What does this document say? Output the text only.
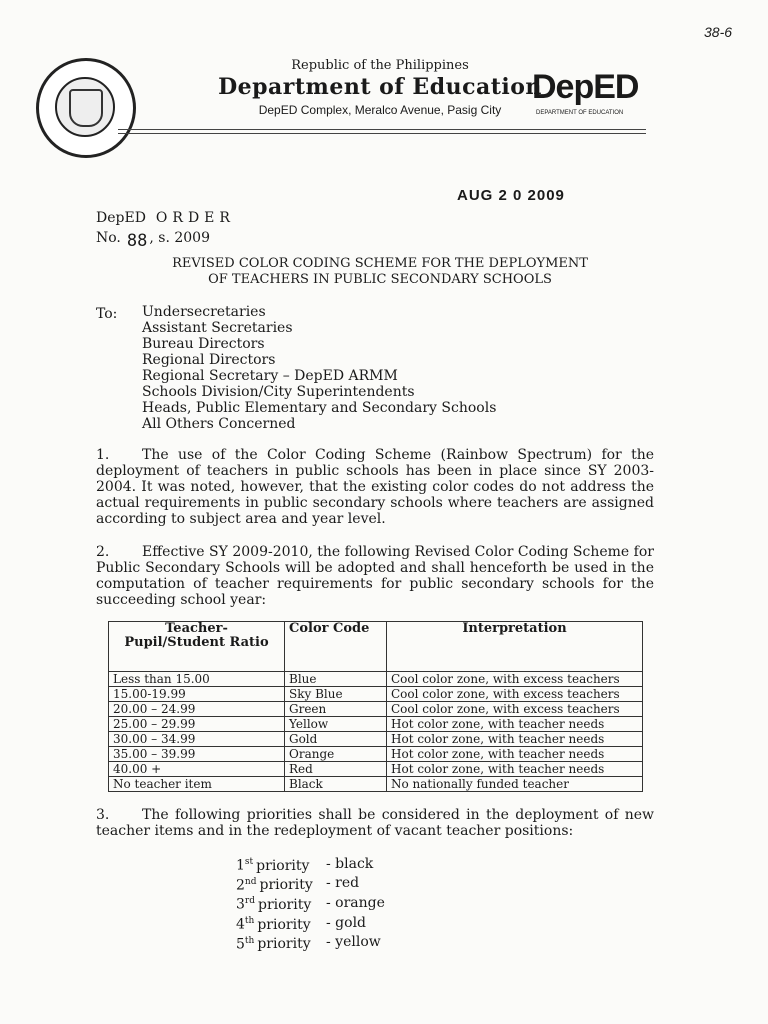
38-6
Republic of the Philippines
Department of Education
DepED Complex, Meralco Avenue, Pasig City
DepED
DEPARTMENT OF EDUCATION
AUG 2 0 2009
DepED ORDER
No. 88 , s. 2009
REVISED COLOR CODING SCHEME FOR THE DEPLOYMENT
OF TEACHERS IN PUBLIC SECONDARY SCHOOLS
To: Undersecretaries
Assistant Secretaries
Bureau Directors
Regional Directors
Regional Secretary – DepED ARMM
Schools Division/City Superintendents
Heads, Public Elementary and Secondary Schools
All Others Concerned
1. The use of the Color Coding Scheme (Rainbow Spectrum) for the deployment of teachers in public schools has been in place since SY 2003-2004. It was noted, however, that the existing color codes do not address the actual requirements in public secondary schools where teachers are assigned according to subject area and year level.
2. Effective SY 2009-2010, the following Revised Color Coding Scheme for Public Secondary Schools will be adopted and shall henceforth be used in the computation of teacher requirements for public secondary schools for the succeeding school year:
Teacher-
Pupil/Student Ratio	Color Code	Interpretation
Less than 15.00	Blue	Cool color zone, with excess teachers
15.00-19.99	Sky Blue	Cool color zone, with excess teachers
20.00 – 24.99	Green	Cool color zone, with excess teachers
25.00 – 29.99	Yellow	Hot color zone, with teacher needs
30.00 – 34.99	Gold	Hot color zone, with teacher needs
35.00 – 39.99	Orange	Hot color zone, with teacher needs
40.00 +	Red	Hot color zone, with teacher needs
No teacher item	Black	No nationally funded teacher
3. The following priorities shall be considered in the deployment of new teacher items and in the redeployment of vacant teacher positions:
1st priority	- black
2nd priority	- red
3rd priority	- orange
4th priority	- gold
5th priority	- yellow
